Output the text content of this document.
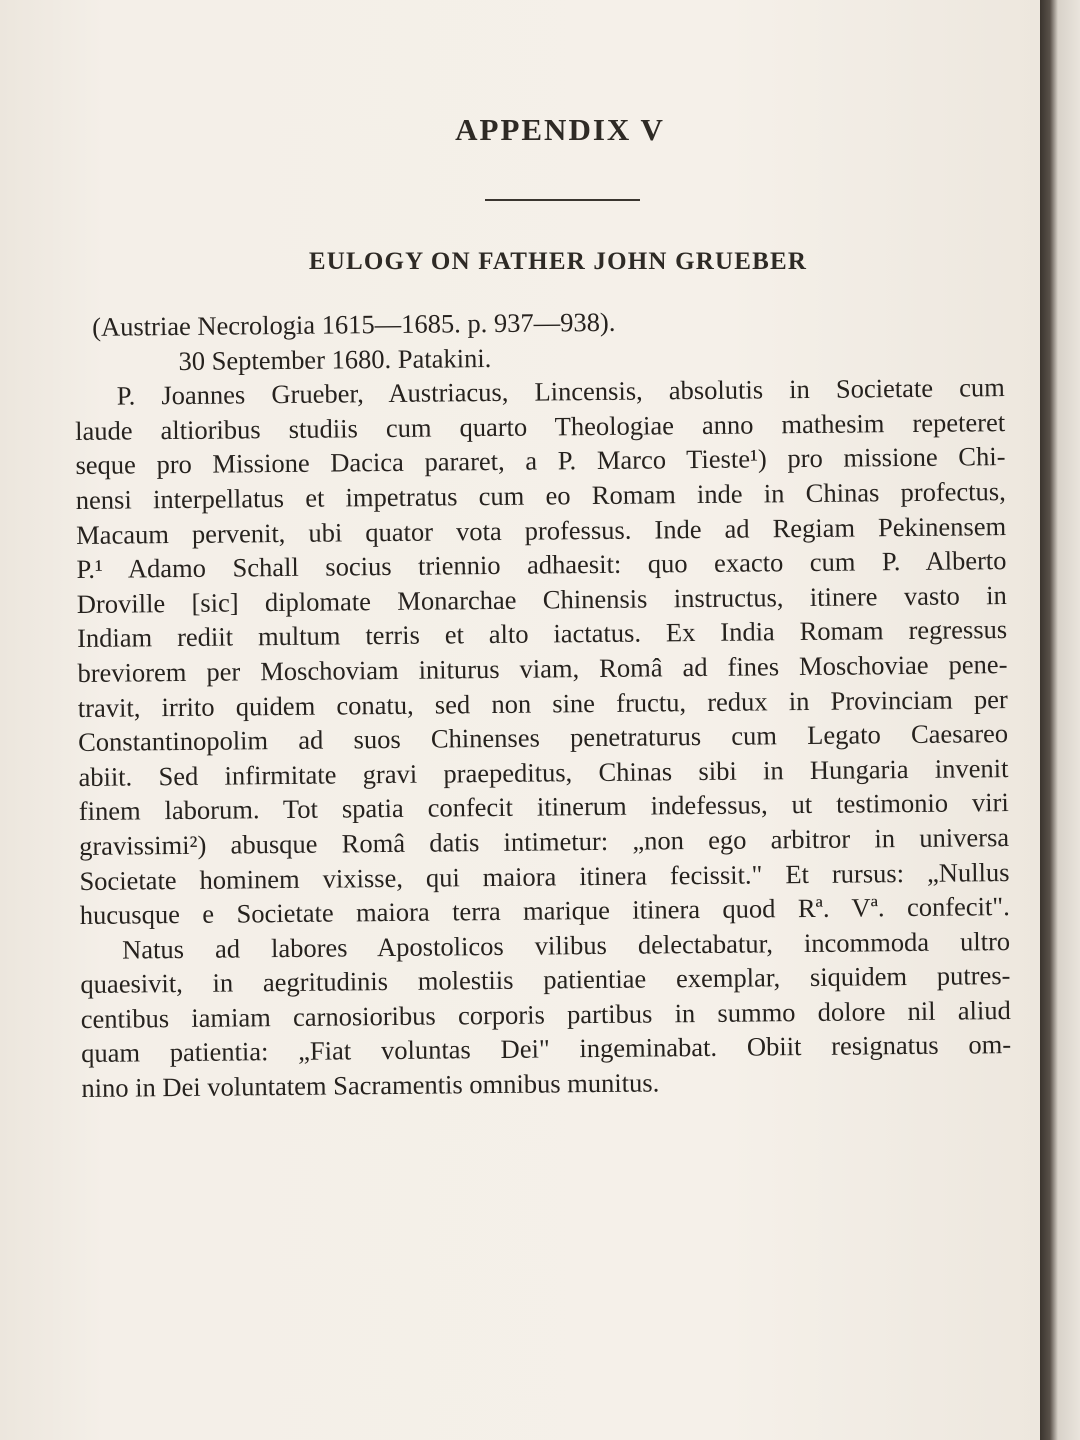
APPENDIX V
EULOGY ON FATHER JOHN GRUEBER
(Austriae Necrologia 1615—1685. p. 937—938).
30 September 1680. Patakini.
P. Joannes Grueber, Austriacus, Lincensis, absolutis in Societate cum
laude altioribus studiis cum quarto Theologiae anno mathesim repeteret
seque pro Missione Dacica pararet, a P. Marco Tieste¹) pro missione Chi-
nensi interpellatus et impetratus cum eo Romam inde in Chinas profectus,
Macaum pervenit, ubi quator vota professus. Inde ad Regiam Pekinensem
P.¹ Adamo Schall socius triennio adhaesit: quo exacto cum P. Alberto
Droville [sic] diplomate Monarchae Chinensis instructus, itinere vasto in
Indiam rediit multum terris et alto iactatus. Ex India Romam regressus
breviorem per Moschoviam initurus viam, Româ ad fines Moschoviae pene-
travit, irrito quidem conatu, sed non sine fructu, redux in Provinciam per
Constantinopolim ad suos Chinenses penetraturus cum Legato Caesareo
abiit. Sed infirmitate gravi praepeditus, Chinas sibi in Hungaria invenit
finem laborum. Tot spatia confecit itinerum indefessus, ut testimonio viri
gravissimi²) abusque Româ datis intimetur: „non ego arbitror in universa
Societate hominem vixisse, qui maiora itinera fecissit." Et rursus: „Nullus
hucusque e Societate maiora terra marique itinera quod Rª. Vª. confecit".
Natus ad labores Apostolicos vilibus delectabatur, incommoda ultro
quaesivit, in aegritudinis molestiis patientiae exemplar, siquidem putres-
centibus iamiam carnosioribus corporis partibus in summo dolore nil aliud
quam patientia: „Fiat voluntas Dei" ingeminabat. Obiit resignatus om-
nino in Dei voluntatem Sacramentis omnibus munitus.
